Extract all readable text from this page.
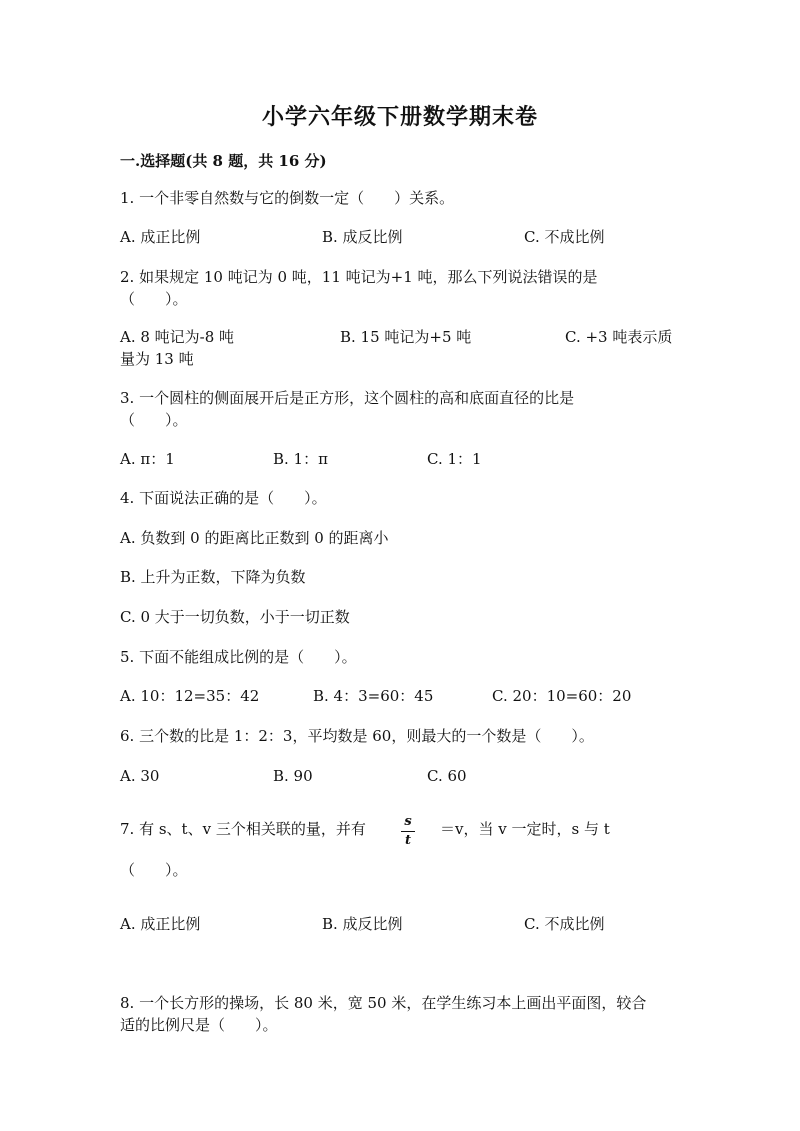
小学六年级下册数学期末卷
一.选择题(共 8 题，共 16 分)
1. 一个非零自然数与它的倒数一定（　　）关系。
A. 成正比例	B. 成反比例	C. 不成比例
2. 如果规定 10 吨记为 0 吨，11 吨记为+1 吨，那么下列说法错误的是
（　　）。
A. 8 吨记为-8 吨	B. 15 吨记为+5 吨	C. +3 吨表示质
量为 13 吨
3. 一个圆柱的侧面展开后是正方形，这个圆柱的高和底面直径的比是
（　　）。
A. π：1	B. 1：π	C. 1：1
4. 下面说法正确的是（　　）。
A. 负数到 0 的距离比正数到 0 的距离小
B. 上升为正数，下降为负数
C. 0 大于一切负数，小于一切正数
5. 下面不能组成比例的是（　　）。
A. 10：12=35：42	B. 4：3=60：45	C. 20：10=60：20
6. 三个数的比是 1：2：3，平均数是 60，则最大的一个数是（　　）。
A. 30	B. 90	C. 60
7. 有 s、t、v 三个相关联的量，并有	s
t
＝v，当 v 一定时，s 与 t
（　　）。
A. 成正比例	B. 成反比例	C. 不成比例
8. 一个长方形的操场，长 80 米，宽 50 米，在学生练习本上画出平面图，较合
适的比例尺是（　　）。
